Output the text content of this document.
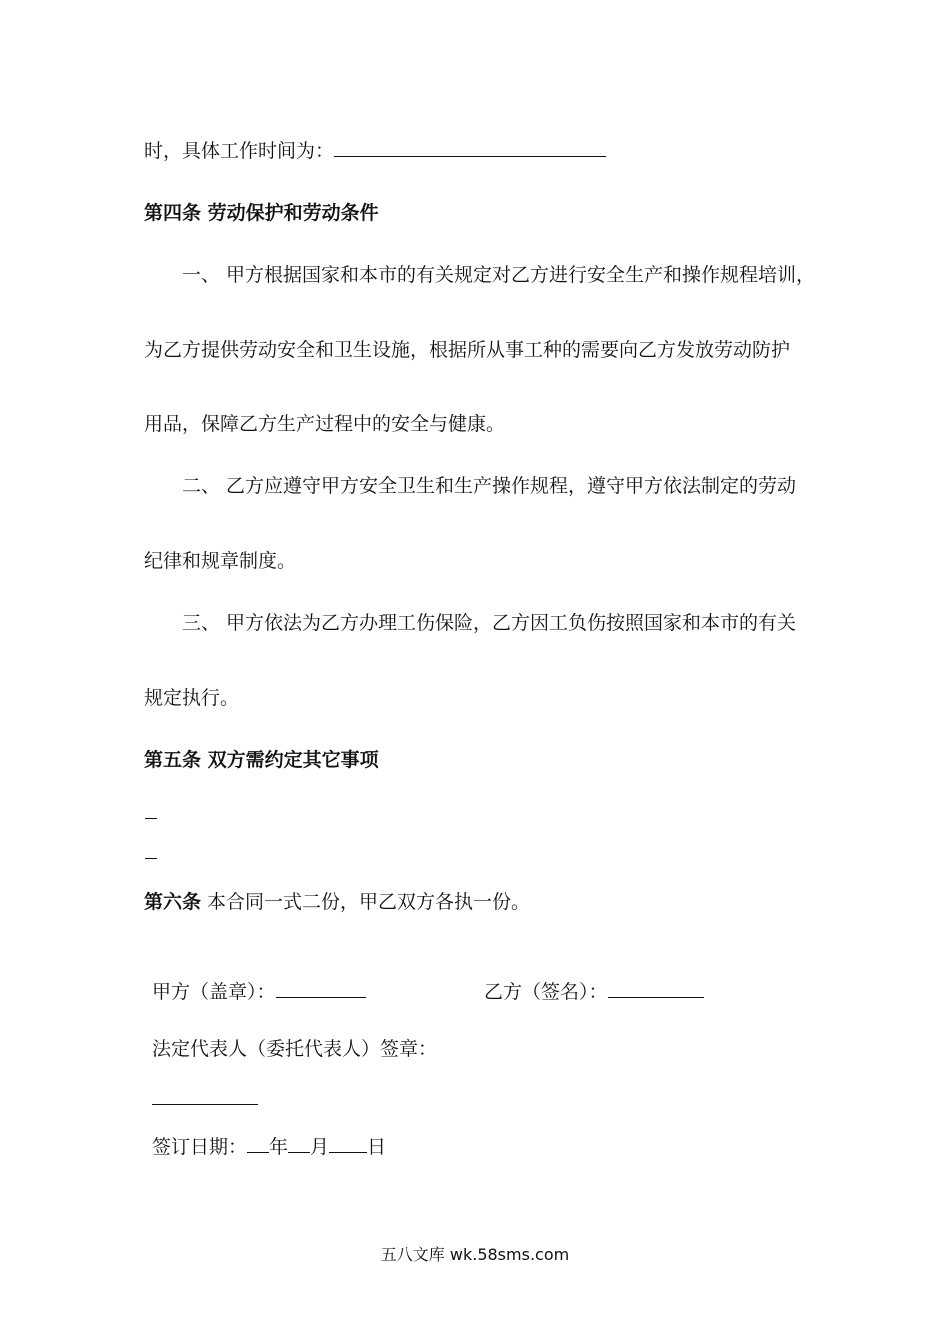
时，具体工作时间为：
第四条 劳动保护和劳动条件
一、 甲方根据国家和本市的有关规定对乙方进行安全生产和操作规程培训，
为乙方提供劳动安全和卫生设施，根据所从事工种的需要向乙方发放劳动防护
用品，保障乙方生产过程中的安全与健康。
二、 乙方应遵守甲方安全卫生和生产操作规程，遵守甲方依法制定的劳动
纪律和规章制度。
三、 甲方依法为乙方办理工伤保险，乙方因工负伤按照国家和本市的有关
规定执行。
第五条 双方需约定其它事项
第六条 本合同一式二份，甲乙双方各执一份。
甲方（盖章）：	乙方（签名）：
法定代表人（委托代表人）签章：
签订日期： 年 月 日
五八文库 wk.58sms.com
